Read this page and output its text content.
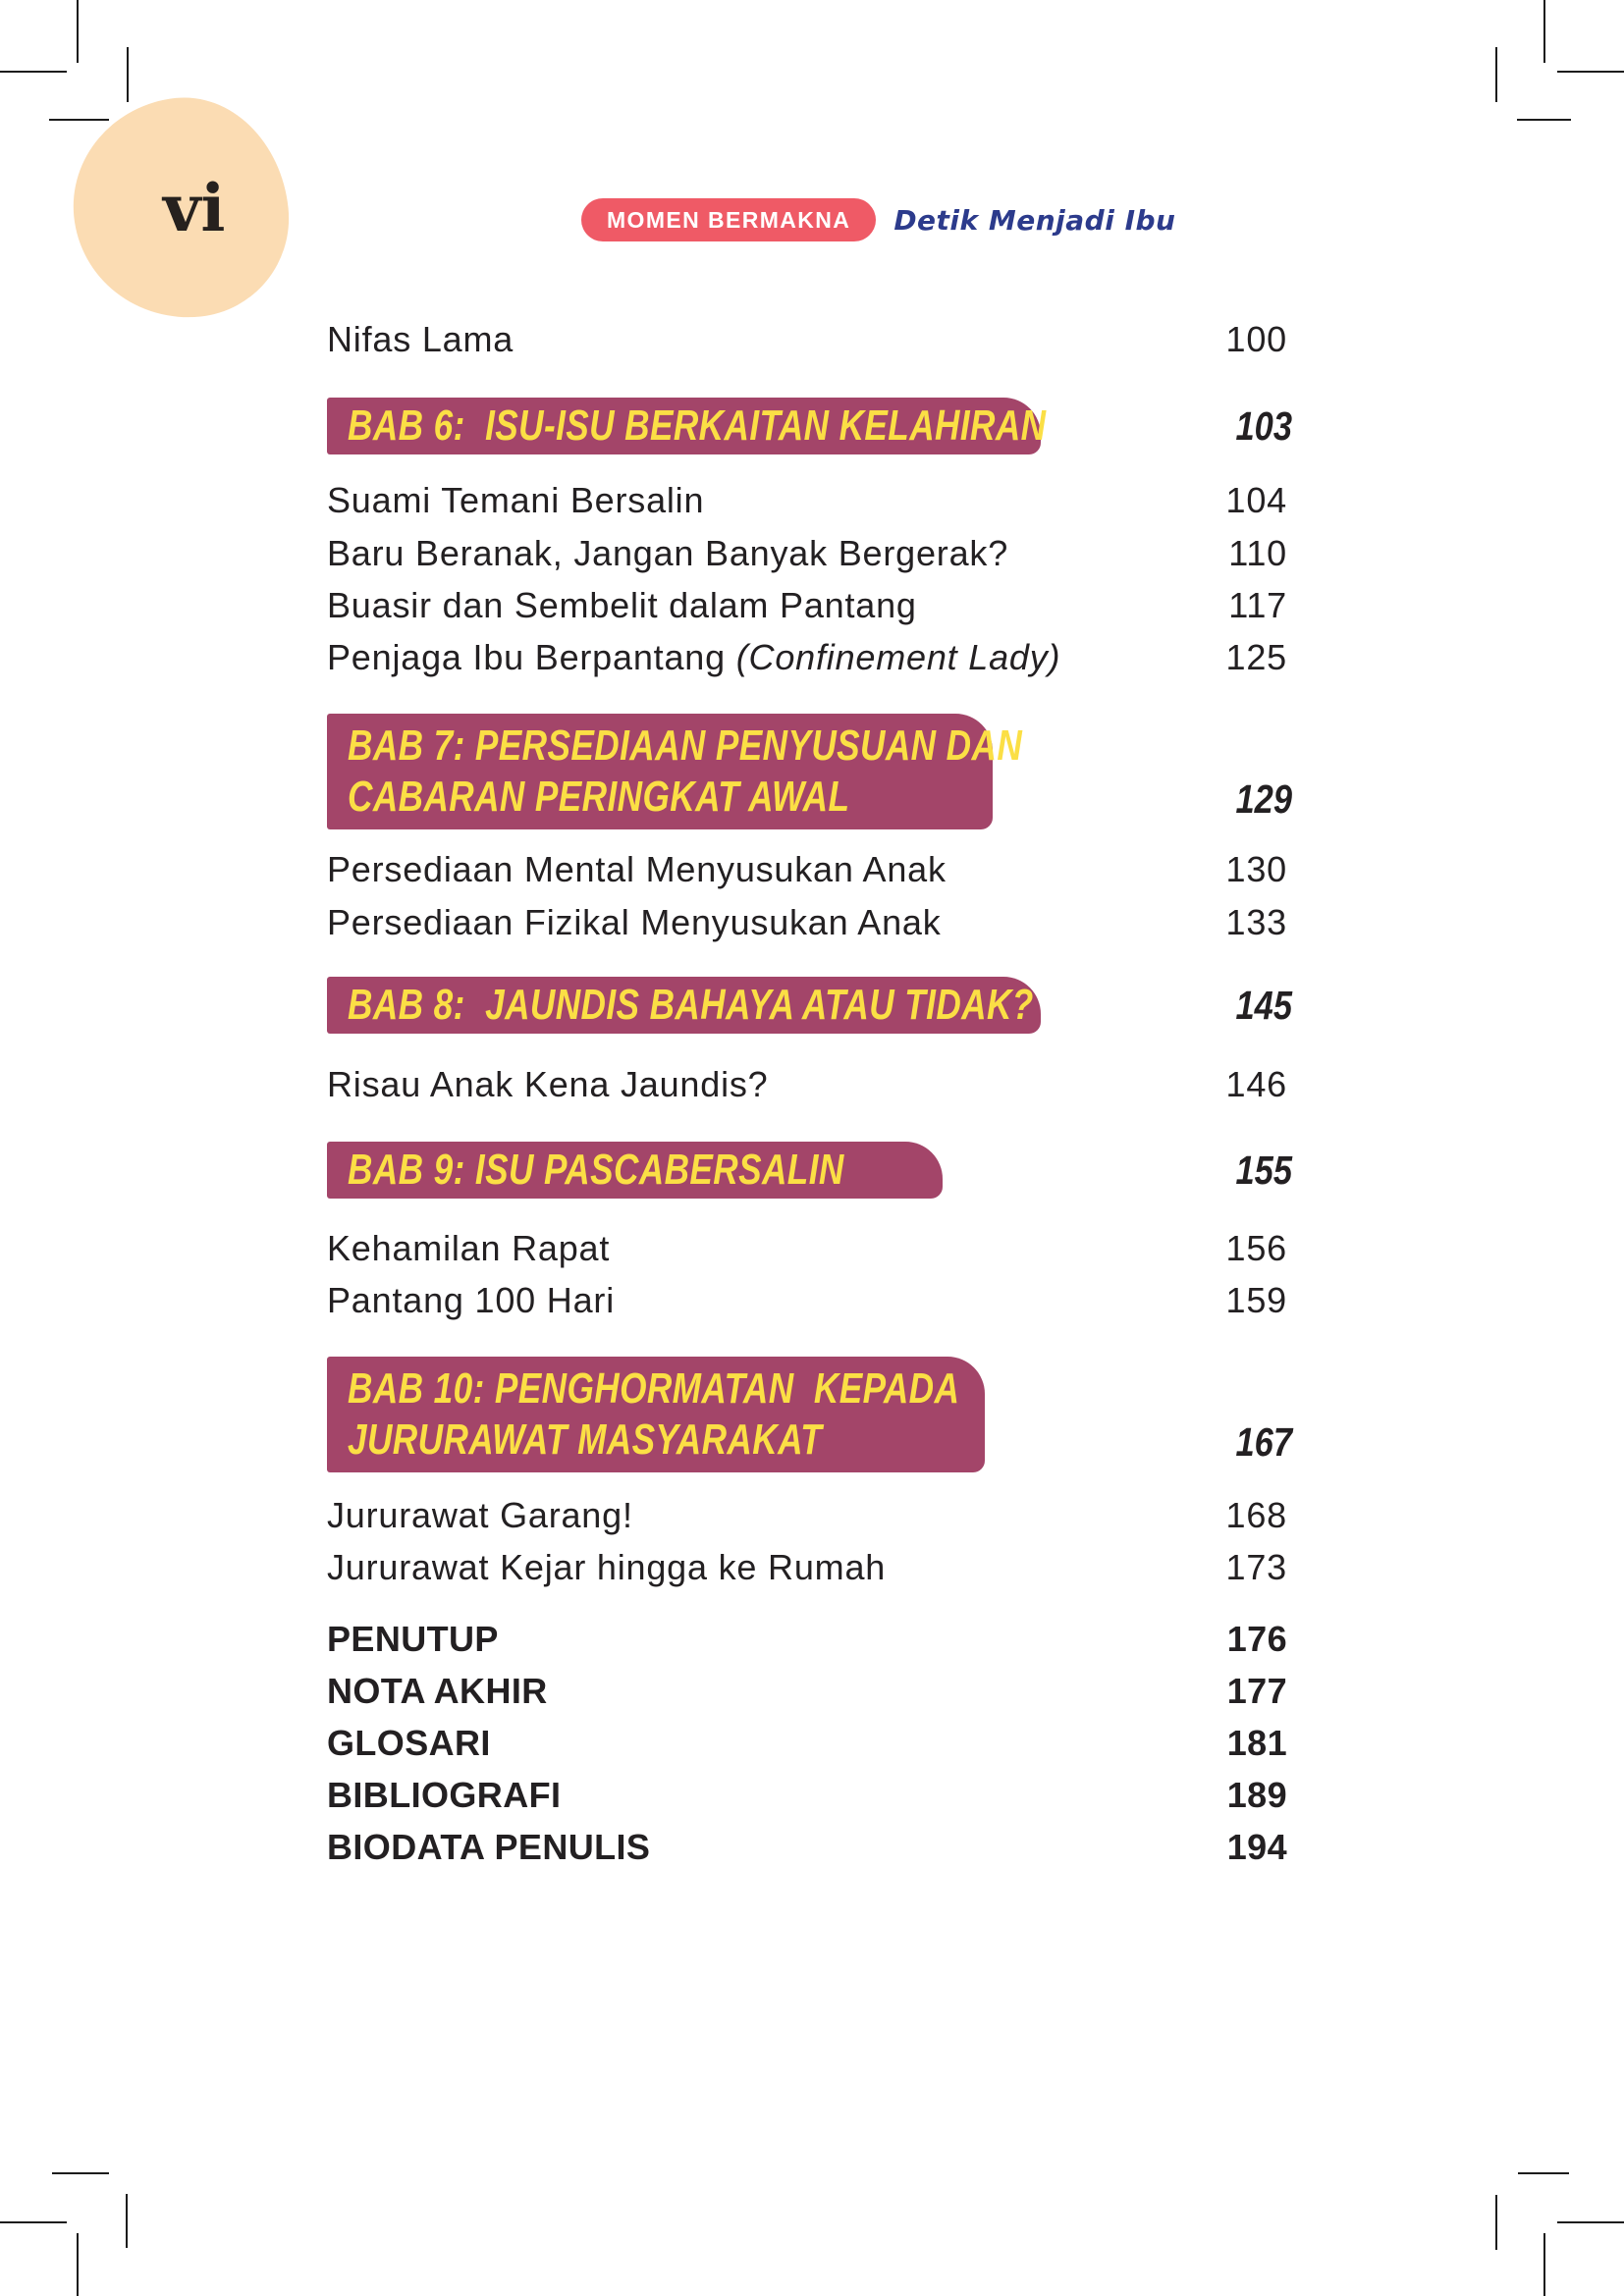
vi	MOMEN BERMAKNA	Detik Menjadi Ibu
Nifas Lama	100
BAB 6:  ISU-ISU BERKAITAN KELAHIRAN	103
Suami Temani Bersalin	104
Baru Beranak, Jangan Banyak Bergerak?	110
Buasir dan Sembelit dalam Pantang	117
Penjaga Ibu Berpantang (Confinement Lady)	125
BAB 7: PERSEDIAAN PENYUSUAN DAN
CABARAN PERINGKAT AWAL	129
Persediaan Mental Menyusukan Anak	130
Persediaan Fizikal Menyusukan Anak	133
BAB 8:  JAUNDIS BAHAYA ATAU TIDAK?	145
Risau Anak Kena Jaundis?	146
BAB 9: ISU PASCABERSALIN	155
Kehamilan Rapat	156
Pantang 100 Hari	159
BAB 10: PENGHORMATAN  KEPADA
JURURAWAT MASYARAKAT	167
Jururawat Garang!	168
Jururawat Kejar hingga ke Rumah	173
PENUTUP	176
NOTA AKHIR	177
GLOSARI	181
BIBLIOGRAFI	189
BIODATA PENULIS	194
